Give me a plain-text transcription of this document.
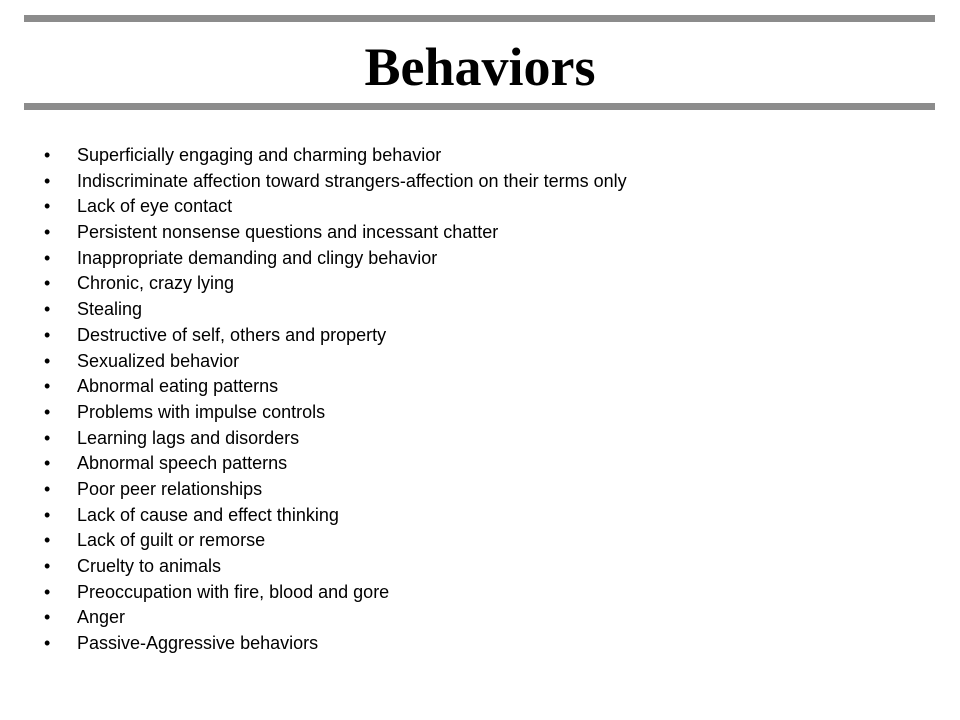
Behaviors
• Superficially engaging and charming behavior
• Indiscriminate affection toward strangers-affection on their terms only
• Lack of eye contact
• Persistent nonsense questions and incessant chatter
• Inappropriate demanding and clingy behavior
• Chronic, crazy lying
• Stealing
• Destructive of self, others and property
• Sexualized behavior
• Abnormal eating patterns
• Problems with impulse controls
• Learning lags and disorders
• Abnormal speech patterns
• Poor peer relationships
• Lack of cause and effect thinking
• Lack of guilt or remorse
• Cruelty to animals
• Preoccupation with fire, blood and gore
• Anger
• Passive-Aggressive behaviors
